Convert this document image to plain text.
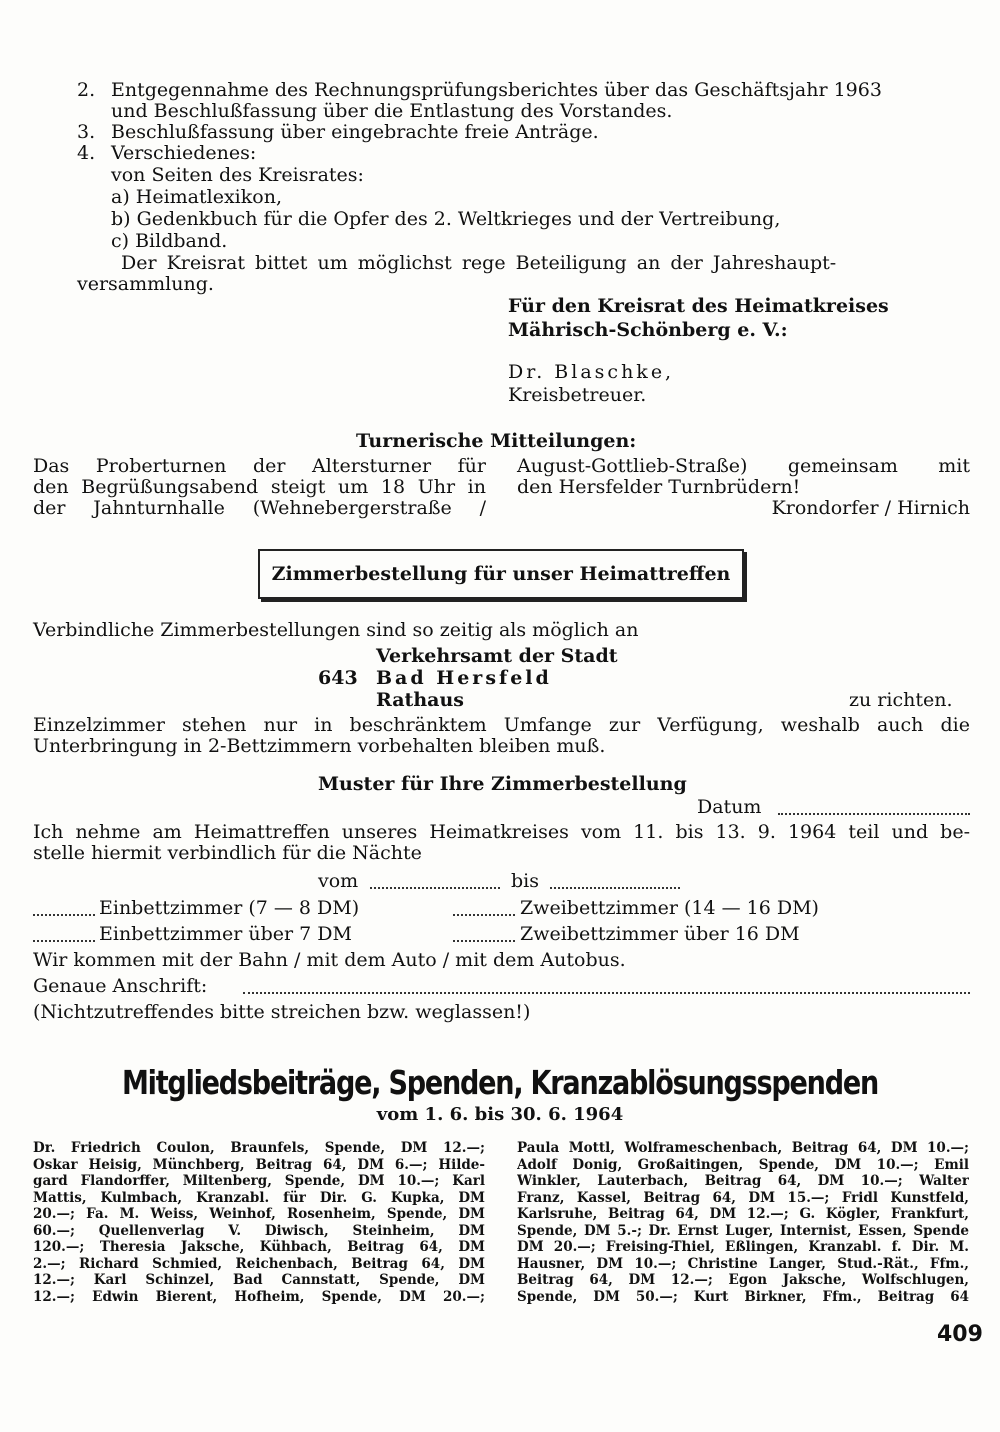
2. Entgegennahme des Rechnungsprüfungsberichtes über das Geschäftsjahr 1963
und Beschlußfassung über die Entlastung des Vorstandes.
3. Beschlußfassung über eingebrachte freie Anträge.
4. Verschiedenes:
von Seiten des Kreisrates:
a) Heimatlexikon,
b) Gedenkbuch für die Opfer des 2. Weltkrieges und der Vertreibung,
c) Bildband.
Der Kreisrat bittet um möglichst rege Beteiligung an der Jahreshaupt-
versammlung.
Für den Kreisrat des Heimatkreises
Mährisch-Schönberg e. V.:
Dr. Blaschke,
Kreisbetreuer.
Turnerische Mitteilungen:
Das Proberturnen der Altersturner für
den Begrüßungsabend steigt um 18 Uhr in
der Jahnturnhalle (Wehnebergerstraße /
August-Gottlieb-Straße) gemeinsam mit
den Hersfelder Turnbrüdern!
Krondorfer / Hirnich
Zimmerbestellung für unser Heimattreffen
Verbindliche Zimmerbestellungen sind so zeitig als möglich an
Verkehrsamt der Stadt
643 Bad Hersfeld
Rathaus	zu richten.
Einzelzimmer stehen nur in beschränktem Umfange zur Verfügung, weshalb auch die
Unterbringung in 2-Bettzimmern vorbehalten bleiben muß.
Muster für Ihre Zimmerbestellung
Datum
Ich nehme am Heimattreffen unseres Heimatkreises vom 11. bis 13. 9. 1964 teil und be-
stelle hiermit verbindlich für die Nächte
vom	bis
Einbettzimmer (7 — 8 DM)	Zweibettzimmer (14 — 16 DM)
Einbettzimmer über 7 DM	Zweibettzimmer über 16 DM
Wir kommen mit der Bahn / mit dem Auto / mit dem Autobus.
Genaue Anschrift:
(Nichtzutreffendes bitte streichen bzw. weglassen!)
Mitgliedsbeiträge, Spenden, Kranzablösungsspenden
vom 1. 6. bis 30. 6. 1964
Dr. Friedrich Coulon, Braunfels, Spende, DM 12.—;
Oskar Heisig, Münchberg, Beitrag 64, DM 6.—; Hilde-
gard Flandorffer, Miltenberg, Spende, DM 10.—; Karl
Mattis, Kulmbach, Kranzabl. für Dir. G. Kupka, DM
20.—; Fa. M. Weiss, Weinhof, Rosenheim, Spende, DM
60.—; Quellenverlag V. Diwisch, Steinheim, DM
120.—; Theresia Jaksche, Kühbach, Beitrag 64, DM
2.—; Richard Schmied, Reichenbach, Beitrag 64, DM
12.—; Karl Schinzel, Bad Cannstatt, Spende, DM
12.—; Edwin Bierent, Hofheim, Spende, DM 20.—;
Paula Mottl, Wolframeschenbach, Beitrag 64, DM 10.—;
Adolf Donig, Großaitingen, Spende, DM 10.—; Emil
Winkler, Lauterbach, Beitrag 64, DM 10.—; Walter
Franz, Kassel, Beitrag 64, DM 15.—; Fridl Kunstfeld,
Karlsruhe, Beitrag 64, DM 12.—; G. Kögler, Frankfurt,
Spende, DM 5.-; Dr. Ernst Luger, Internist, Essen, Spende
DM 20.—; Freising-Thiel, Eßlingen, Kranzabl. f. Dir. M.
Hausner, DM 10.—; Christine Langer, Stud.-Rät., Ffm.,
Beitrag 64, DM 12.—; Egon Jaksche, Wolfschlugen,
Spende, DM 50.—; Kurt Birkner, Ffm., Beitrag 64
409
